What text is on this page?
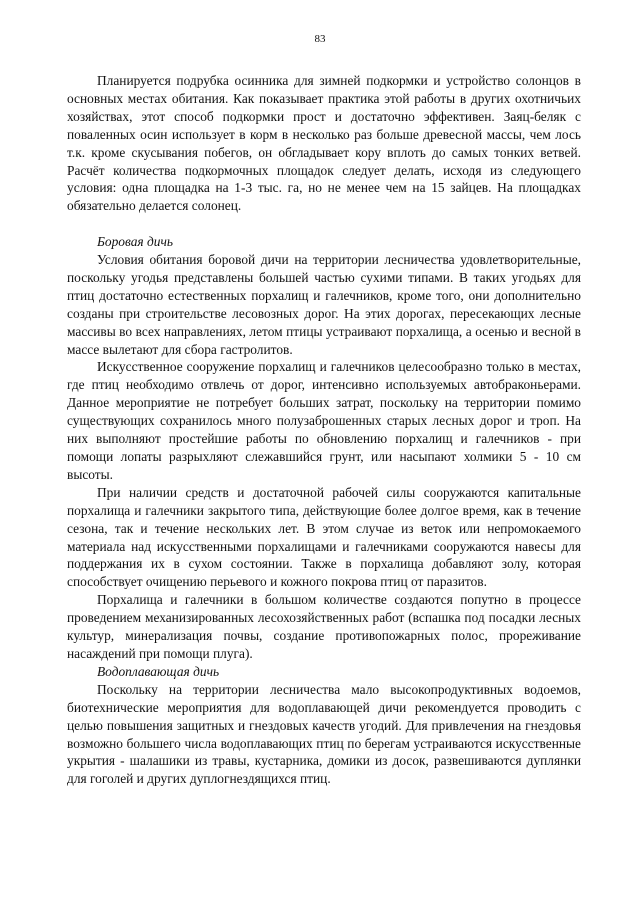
83

Планируется подрубка осинника для зимней подкормки и устройство солонцов в основных местах обитания. Как показывает практика этой работы в других охотничьих хозяйствах, этот способ подкормки прост и достаточно эффективен. Заяц-беляк с поваленных осин использует в корм в несколько раз больше древесной массы, чем лось т.к. кроме скусывания побегов, он обгладывает кору вплоть до самых тонких ветвей. Расчёт количества подкормочных площадок следует делать, исходя из следующего условия: одна площадка на 1-3 тыс. га, но не менее чем на 15 зайцев. На площадках обязательно делается солонец.

Боровая дичь

Условия обитания боровой дичи на территории лесничества удовлетворительные, поскольку угодья представлены большей частью сухими типами. В таких угодьях для птиц достаточно естественных порхалищ и галечников, кроме того, они дополнительно созданы при строительстве лесовозных дорог. На этих дорогах, пересекающих лесные массивы во всех направлениях, летом птицы устраивают порхалища, а осенью и весной в массе вылетают для сбора гастролитов.

Искусственное сооружение порхалищ и галечников целесообразно только в местах, где птиц необходимо отвлечь от дорог, интенсивно используемых автобраконьерами. Данное мероприятие не потребует больших затрат, поскольку на территории помимо существующих сохранилось много полузаброшенных старых лесных дорог и троп. На них выполняют простейшие работы по обновлению порхалищ и галечников - при помощи лопаты разрыхляют слежавшийся грунт, или насыпают холмики 5 - 10 см высоты.

При наличии средств и достаточной рабочей силы сооружаются капитальные порхалища и галечники закрытого типа, действующие более долгое время, как в течение сезона, так и течение нескольких лет. В этом случае из веток или непромокаемого материала над искусственными порхалищами и галечниками сооружаются навесы для поддержания их в сухом состоянии. Также в порхалища добавляют золу, которая способствует очищению перьевого и кожного покрова птиц от паразитов.

Порхалища и галечники в большом количестве создаются попутно в процессе проведением механизированных лесохозяйственных работ (вспашка под посадки лесных культур, минерализация почвы, создание противопожарных полос, прореживание насаждений при помощи плуга).

Водоплавающая дичь

Поскольку на территории лесничества мало высокопродуктивных водоемов, биотехнические мероприятия для водоплавающей дичи рекомендуется проводить с целью повышения защитных и гнездовых качеств угодий. Для привлечения на гнездовья возможно большего числа водоплавающих птиц по берегам устраиваются искусственные укрытия - шалашики из травы, кустарника, домики из досок, развешиваются дуплянки для гоголей и других дуплогнездящихся птиц.
